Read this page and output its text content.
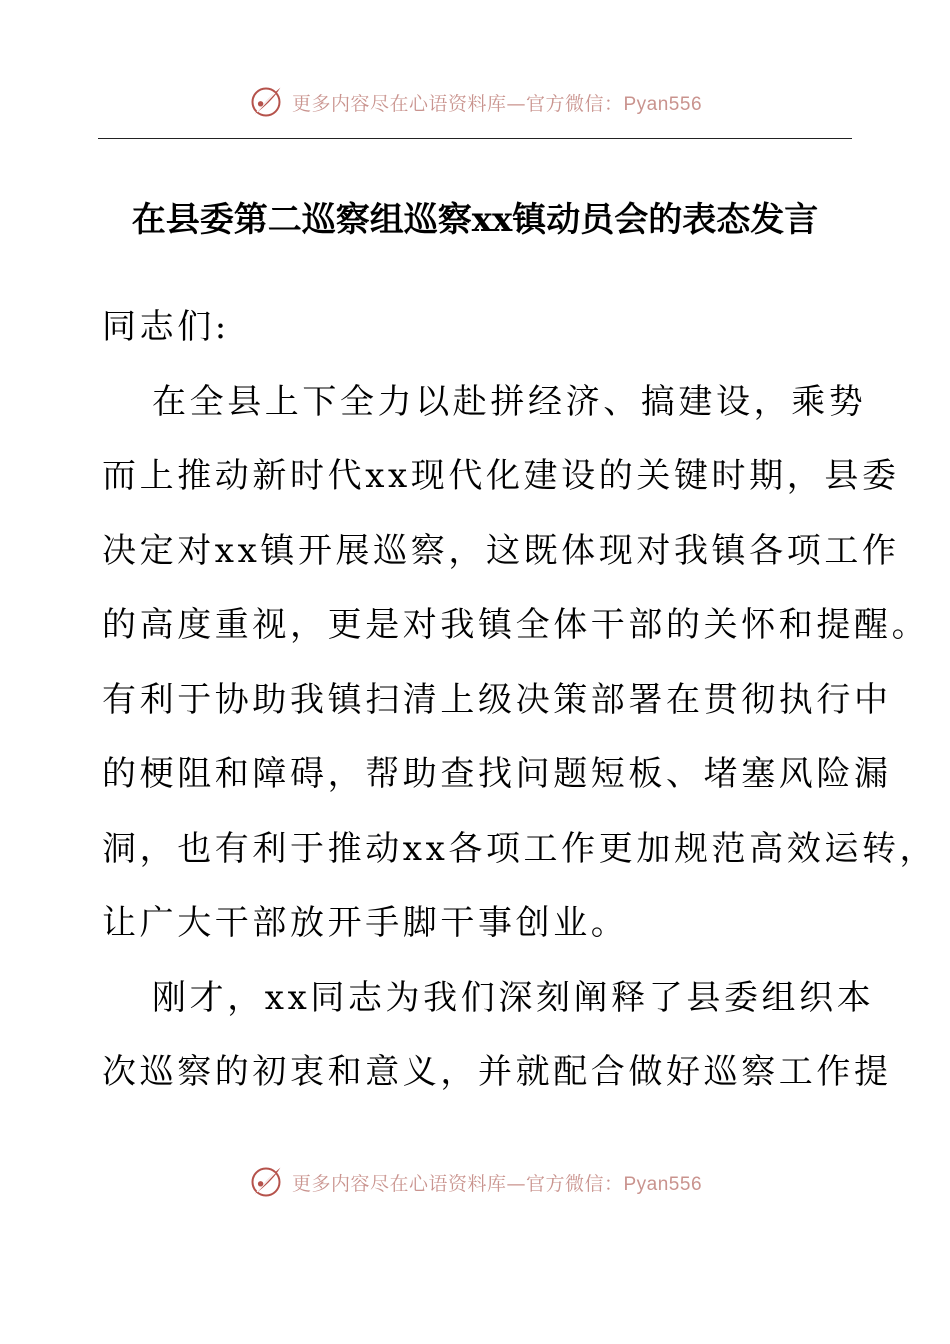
更多内容尽在心语资料库—官方微信：Pyan556
在县委第二巡察组巡察xx镇动员会的表态发言
同志们:
在全县上下全力以赴拼经济、搞建设，乘势
而上推动新时代xx现代化建设的关键时期，县委
决定对xx镇开展巡察，这既体现对我镇各项工作
的高度重视，更是对我镇全体干部的关怀和提醒。
有利于协助我镇扫清上级决策部署在贯彻执行中
的梗阻和障碍，帮助查找问题短板、堵塞风险漏
洞，也有利于推动xx各项工作更加规范高效运转，
让广大干部放开手脚干事创业。
刚才，xx同志为我们深刻阐释了县委组织本
次巡察的初衷和意义，并就配合做好巡察工作提
更多内容尽在心语资料库—官方微信：Pyan556
